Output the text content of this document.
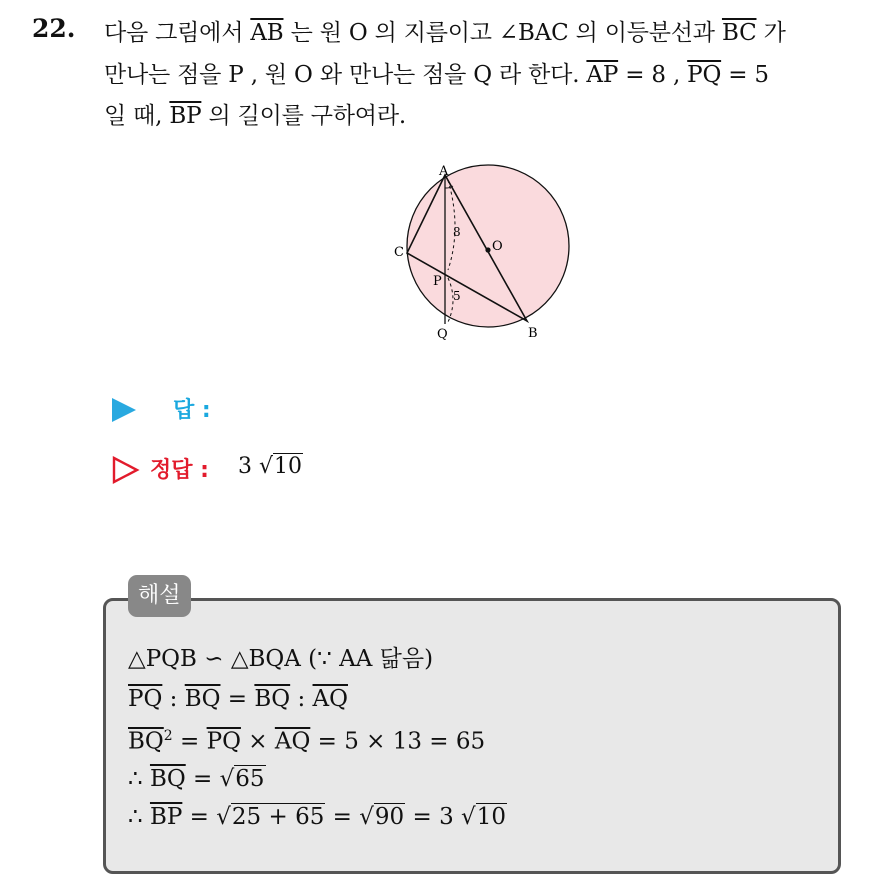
22. 다음 그림에서 $\overline{AB}$ 는 원 O 의 지름이고 ∠BAC 의 이등분선과 $\overline{BC}$ 가
만나는 점을 P , 원 O 와 만나는 점을 Q 라 한다. $\overline{AP} = 8$ , $\overline{PQ} = 5$
일 때, $\overline{BP}$ 의 길이를 구하여라.
A
C	O
P
Q	B
8
5
답 :
정답 : 3 √10
해설
△PQB ∽ △BQA (∵ AA 닮음)
$\overline{PQ}$ : $\overline{BQ} = \overline{BQ}$ : $\overline{AQ}$
$\overline{BQ}^2 = \overline{PQ} \times \overline{AQ} = 5 \times 13 = 65$
∴ $\overline{BQ} = √65$
∴ $\overline{BP} = √25 + 65 = √90 = 3$ √10
